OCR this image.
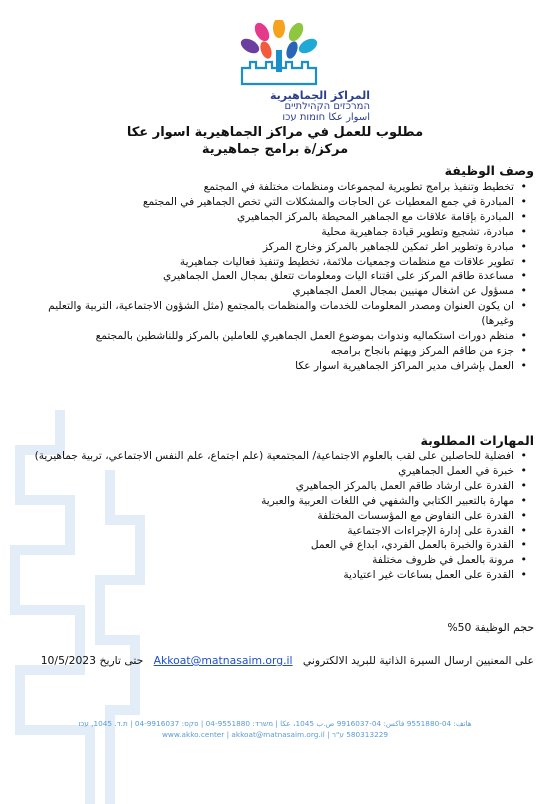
المراكز الجماهيرية
המרכזים הקהילתיים
اسوار عكا חומות עכו
مطلوب للعمل في مراكز الجماهيرية اسوار عكا
مركز/ة برامج جماهيرية
وصف الوظيفة
• تخطيط وتنفيذ برامج تطويرية لمجموعات ومنظمات مختلفة في المجتمع
• المبادرة في جمع المعطيات عن الحاجات والمشكلات التي تخص الجماهير في المجتمع
• المبادرة بإقامة علاقات مع الجماهير المحيطة بالمركز الجماهيري
• مبادرة، تشجيع وتطوير قيادة جماهيرية محلية
• مبادرة وتطوير اطر تمكين للجماهير بالمركز وخارج المركز
• تطوير علاقات مع منظمات وجمعيات ملائمة، تخطيط وتنفيذ فعاليات جماهيرية
• مساعدة طاقم المركز على اقتناء اليات ومعلومات تتعلق بمجال العمل الجماهيري
• مسؤول عن اشغال مهنيين بمجال العمل الجماهيري
• ان يكون العنوان ومصدر المعلومات للخدمات والمنظمات بالمجتمع (مثل الشؤون الاجتماعية، التربية والتعليم وغيرها)
• منظم دورات استكماليه وندوات بموضوع العمل الجماهيري للعاملين بالمركز وللناشطين بالمجتمع
• جزء من طاقم المركز ويهتم بانجاح برامجه
• العمل بإشراف مدير المراكز الجماهيرية اسوار عكا
المهارات المطلوبة
• افضلية للحاصلين على لقب بالعلوم الاجتماعية/ المجتمعية (علم اجتماع، علم النفس الاجتماعي، تربية جماهيرية)
• خبرة في العمل الجماهيري
• القدرة على ارشاد طاقم العمل بالمركز الجماهيري
• مهارة بالتعبير الكتابي والشفهي في اللغات العربية والعبرية
• القدرة على التفاوض مع المؤسسات المختلفة
• القدرة على إدارة الإجراءات الاجتماعية
• القدرة والخبرة بالعمل الفردي، ابداع في العمل
• مرونة بالعمل في ظروف مختلفة
• القدرة على العمل بساعات غير اعتيادية
حجم الوظيفة 50%
على المعنيين ارسال السيرة الذاتية للبريد الالكتروني   Akkoat@matnasaim.org.il   حتى تاريخ 10/5/2023
هاتف: 04-9551880 فاكس: 04-9916037 ص.ب 1045، عكا | משרד: 04-9551880 | פקס: 04-9916037 | ת.ד. 1045, עכו
580313229 ע"ר | www.akko.center | akkoat@matnasaim.org.il
